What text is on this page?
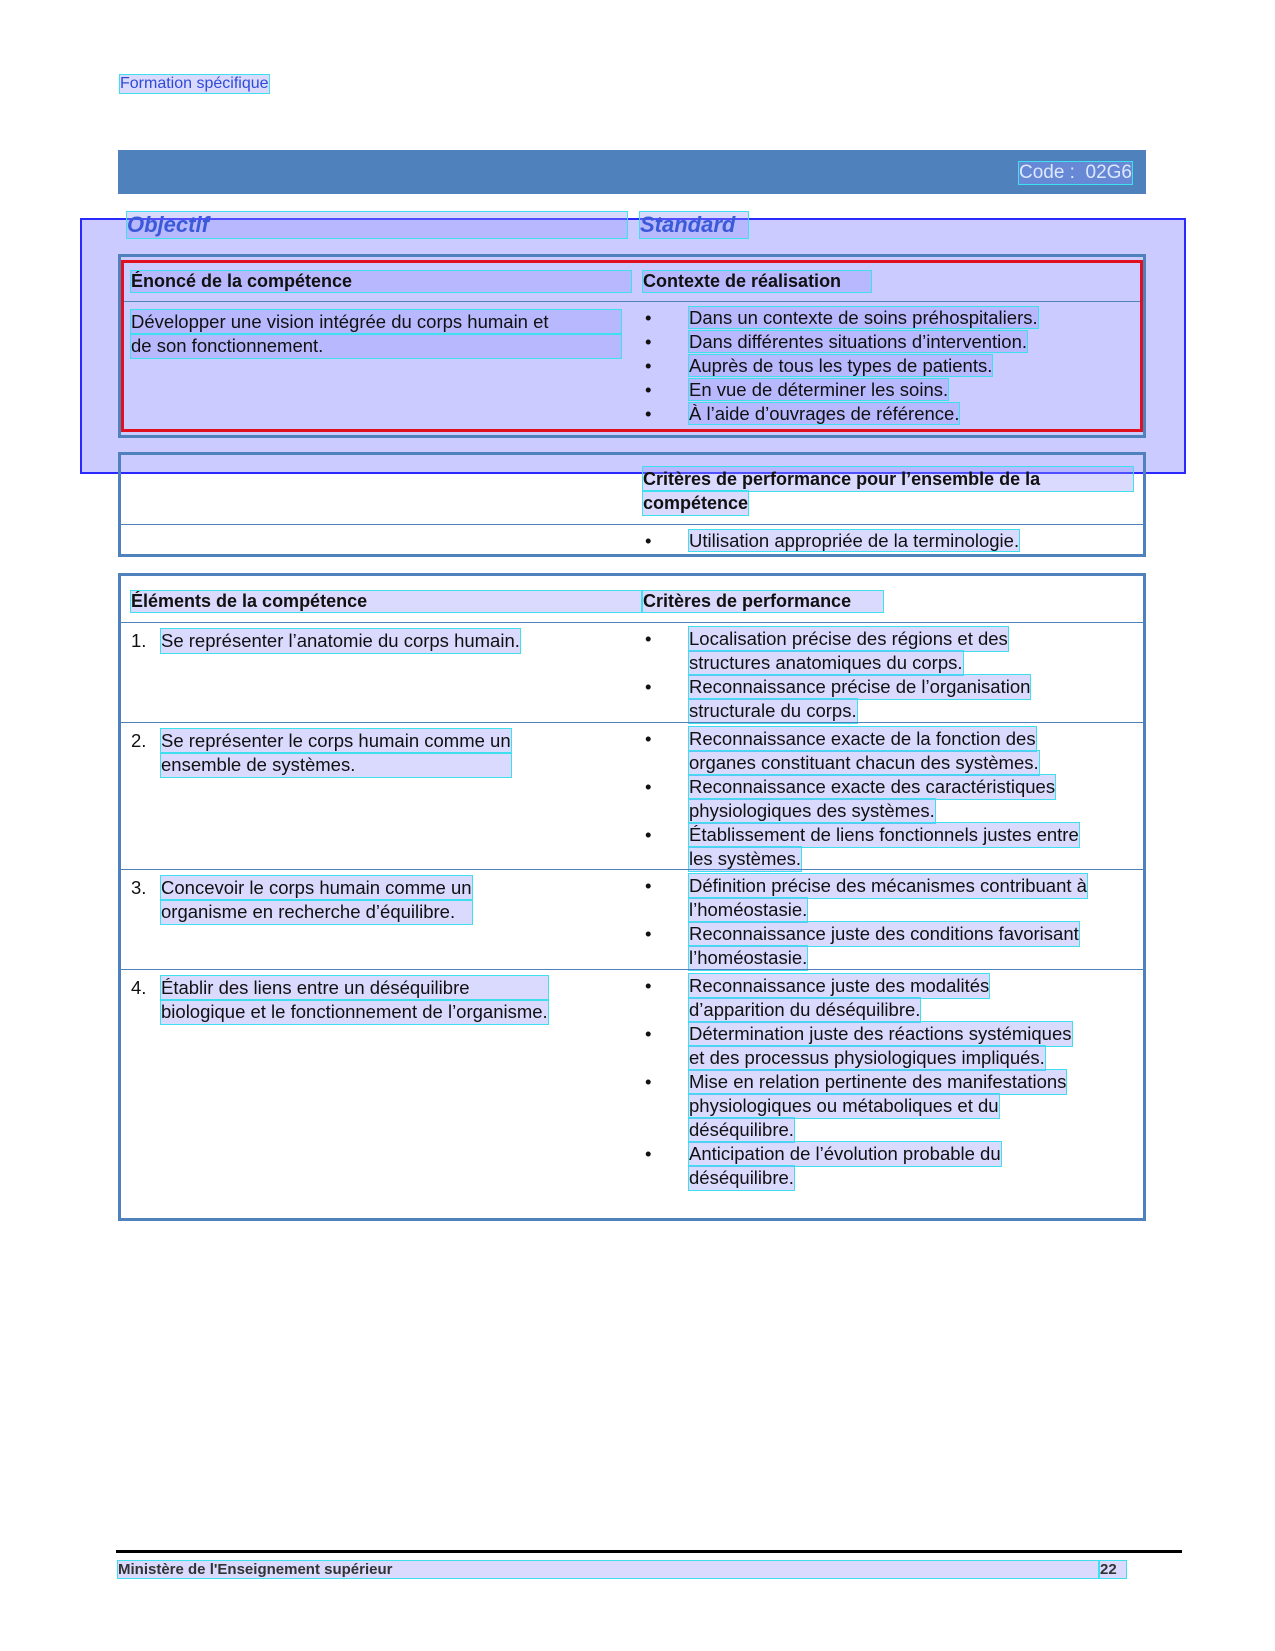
Formation spécifique
Code : 02G6
Objectif	Standard
Énoncé de la compétence	Contexte de réalisation
Développer une vision intégrée du corps humain et
de son fonctionnement.
•	Dans un contexte de soins préhospitaliers.
•	Dans différentes situations d’intervention.
•	Auprès de tous les types de patients.
•	En vue de déterminer les soins.
•	À l’aide d’ouvrages de référence.
Critères de performance pour l’ensemble de la
compétence
•	Utilisation appropriée de la terminologie.
Éléments de la compétence	Critères de performance
1. Se représenter l’anatomie du corps humain.	•	Localisation précise des régions et des
structures anatomiques du corps.

•	Reconnaissance précise de l’organisation
structurale du corps.

2. Se représenter le corps humain comme un
ensemble de systèmes.
•	Reconnaissance exacte de la fonction des
organes constituant chacun des systèmes.

•	Reconnaissance exacte des caractéristiques
physiologiques des systèmes.

•	Établissement de liens fonctionnels justes entre
les systèmes.

3. Concevoir le corps humain comme un
organisme en recherche d’équilibre.
•	Définition précise des mécanismes contribuant à
l’homéostasie.

•	Reconnaissance juste des conditions favorisant
l’homéostasie.

4. Établir des liens entre un déséquilibre
biologique et le fonctionnement de l’organisme.
•	Reconnaissance juste des modalités
d’apparition du déséquilibre.

•	Détermination juste des réactions systémiques
et des processus physiologiques impliqués.

•	Mise en relation pertinente des manifestations
physiologiques ou métaboliques et du
déséquilibre.

•	Anticipation de l’évolution probable du
déséquilibre.

Ministère de l'Enseignement supérieur	22
